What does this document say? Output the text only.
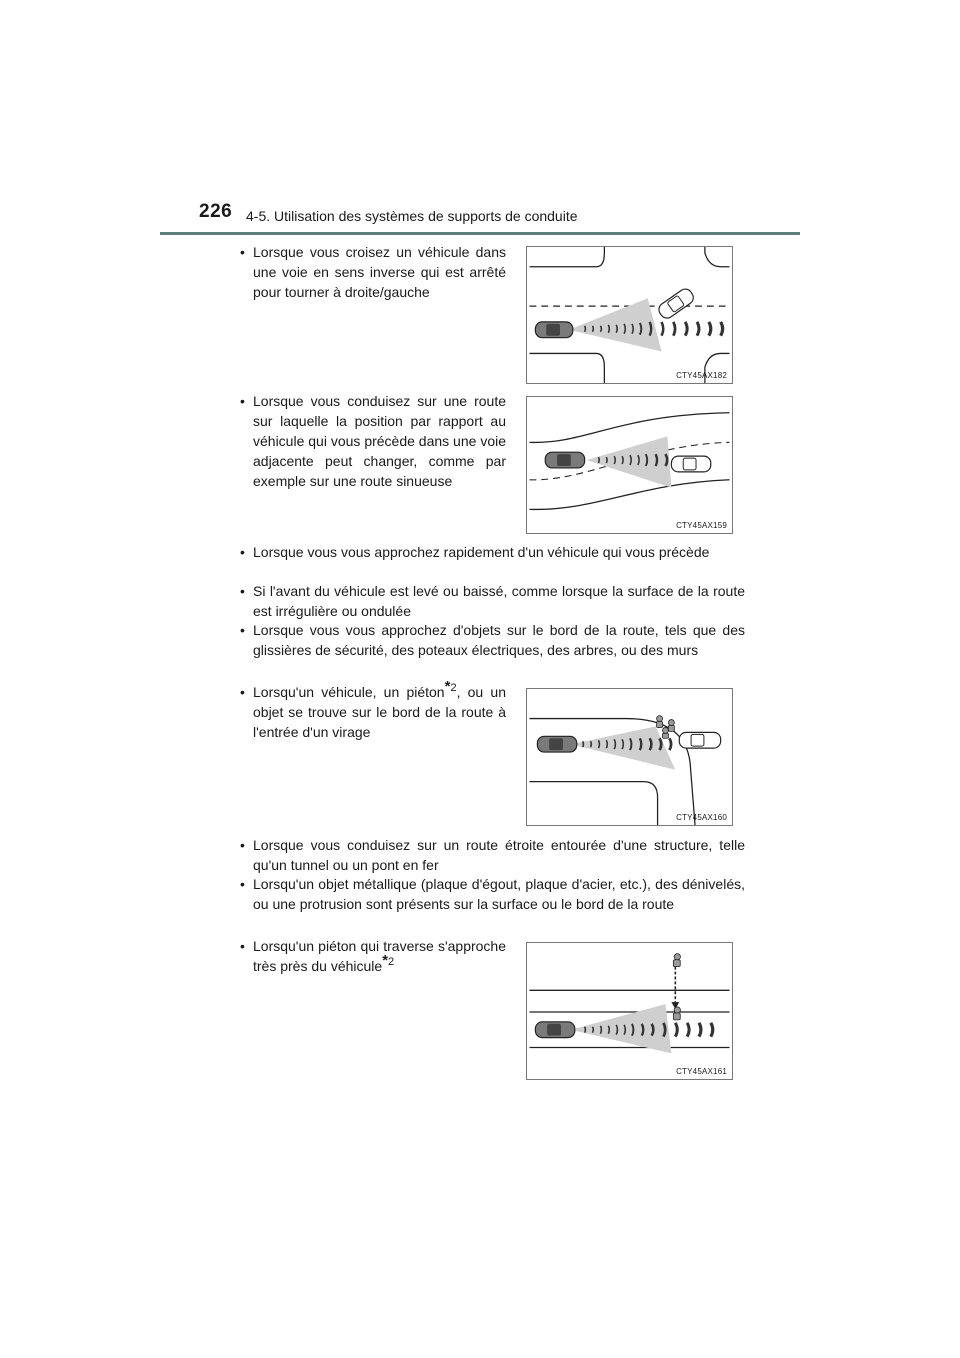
226 4-5. Utilisation des systèmes de supports de conduite
• Lorsque vous croisez un véhicule dans une voie en sens inverse qui est arrêté pour tourner à droite/gauche
CTY45AX182
• Lorsque vous conduisez sur une route sur laquelle la position par rapport au véhicule qui vous précède dans une voie adjacente peut changer, comme par exemple sur une route sinueuse
CTY45AX159
• Lorsque vous vous approchez rapidement d'un véhicule qui vous précède
• Si l'avant du véhicule est levé ou baissé, comme lorsque la surface de la route est irrégulière ou ondulée
• Lorsque vous vous approchez d'objets sur le bord de la route, tels que des glissières de sécurité, des poteaux électriques, des arbres, ou des murs
• Lorsqu'un véhicule, un piéton$^{*2}$, ou un objet se trouve sur le bord de la route à l'entrée d'un virage
CTY45AX160
• Lorsque vous conduisez sur un route étroite entourée d'une structure, telle qu'un tunnel ou un pont en fer
• Lorsqu'un objet métallique (plaque d'égout, plaque d'acier, etc.), des dénivelés, ou une protrusion sont présents sur la surface ou le bord de la route
• Lorsqu'un piéton qui traverse s'approche très près du véhicule$^{*2}$
CTY45AX161
